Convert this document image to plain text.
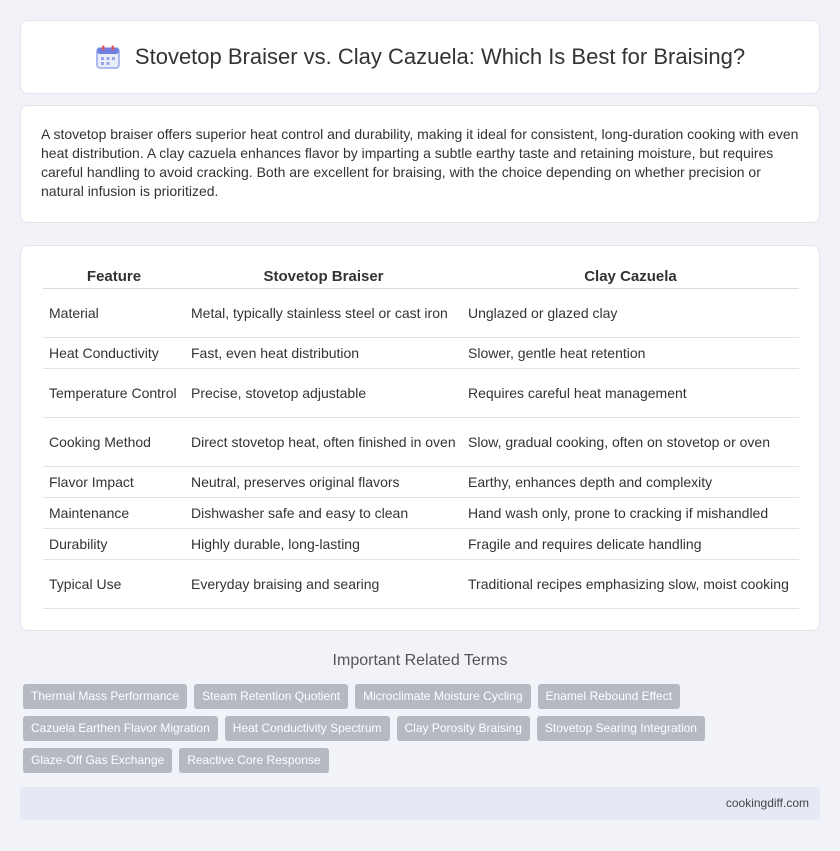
Stovetop Braiser vs. Clay Cazuela: Which Is Best for Braising?

A stovetop braiser offers superior heat control and durability, making it ideal for consistent, long-duration cooking with even heat distribution. A clay cazuela enhances flavor by imparting a subtle earthy taste and retaining moisture, but requires careful handling to avoid cracking. Both are excellent for braising, with the choice depending on whether precision or natural infusion is prioritized.

Feature	Stovetop Braiser	Clay Cazuela
Material	Metal, typically stainless steel or cast iron	Unglazed or glazed clay
Heat Conductivity	Fast, even heat distribution	Slower, gentle heat retention
Temperature Control	Precise, stovetop adjustable	Requires careful heat management
Cooking Method	Direct stovetop heat, often finished in oven	Slow, gradual cooking, often on stovetop or oven
Flavor Impact	Neutral, preserves original flavors	Earthy, enhances depth and complexity
Maintenance	Dishwasher safe and easy to clean	Hand wash only, prone to cracking if mishandled
Durability	Highly durable, long-lasting	Fragile and requires delicate handling
Typical Use	Everyday braising and searing	Traditional recipes emphasizing slow, moist cooking
Important Related Terms
Thermal Mass Performance	Steam Retention Quotient	Microclimate Moisture Cycling	Enamel Rebound Effect
Cazuela Earthen Flavor Migration	Heat Conductivity Spectrum	Clay Porosity Braising	Stovetop Searing Integration
Glaze-Off Gas Exchange	Reactive Core Response
cookingdiff.com
